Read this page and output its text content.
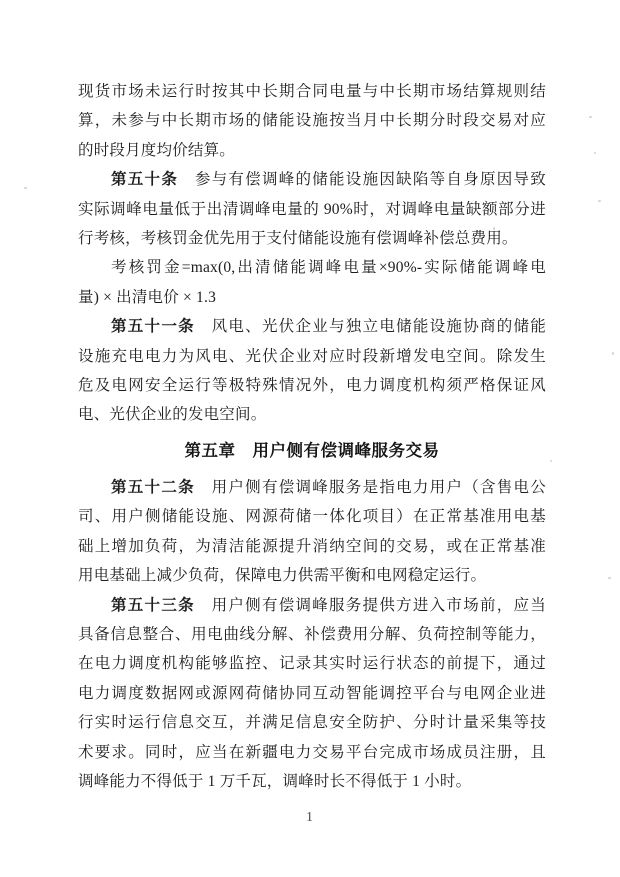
现货市场未运行时按其中长期合同电量与中长期市场结算规则结
算，未参与中长期市场的储能设施按当月中长期分时段交易对应
的时段月度均价结算。
第五十条　参与有偿调峰的储能设施因缺陷等自身原因导致
实际调峰电量低于出清调峰电量的 90%时，对调峰电量缺额部分进
行考核，考核罚金优先用于支付储能设施有偿调峰补偿总费用。
考核罚金=max(0,出清储能调峰电量×90%-实际储能调峰电
量) × 出清电价 × 1.3
第五十一条　风电、光伏企业与独立电储能设施协商的储能
设施充电电力为风电、光伏企业对应时段新增发电空间。除发生
危及电网安全运行等极特殊情况外，电力调度机构须严格保证风
电、光伏企业的发电空间。
第五章　用户侧有偿调峰服务交易
第五十二条　用户侧有偿调峰服务是指电力用户（含售电公
司、用户侧储能设施、网源荷储一体化项目）在正常基准用电基
础上增加负荷，为清洁能源提升消纳空间的交易，或在正常基准
用电基础上减少负荷，保障电力供需平衡和电网稳定运行。
第五十三条　用户侧有偿调峰服务提供方进入市场前，应当
具备信息整合、用电曲线分解、补偿费用分解、负荷控制等能力，
在电力调度机构能够监控、记录其实时运行状态的前提下，通过
电力调度数据网或源网荷储协同互动智能调控平台与电网企业进
行实时运行信息交互，并满足信息安全防护、分时计量采集等技
术要求。同时，应当在新疆电力交易平台完成市场成员注册，且
调峰能力不得低于 1 万千瓦，调峰时长不得低于 1 小时。
1
